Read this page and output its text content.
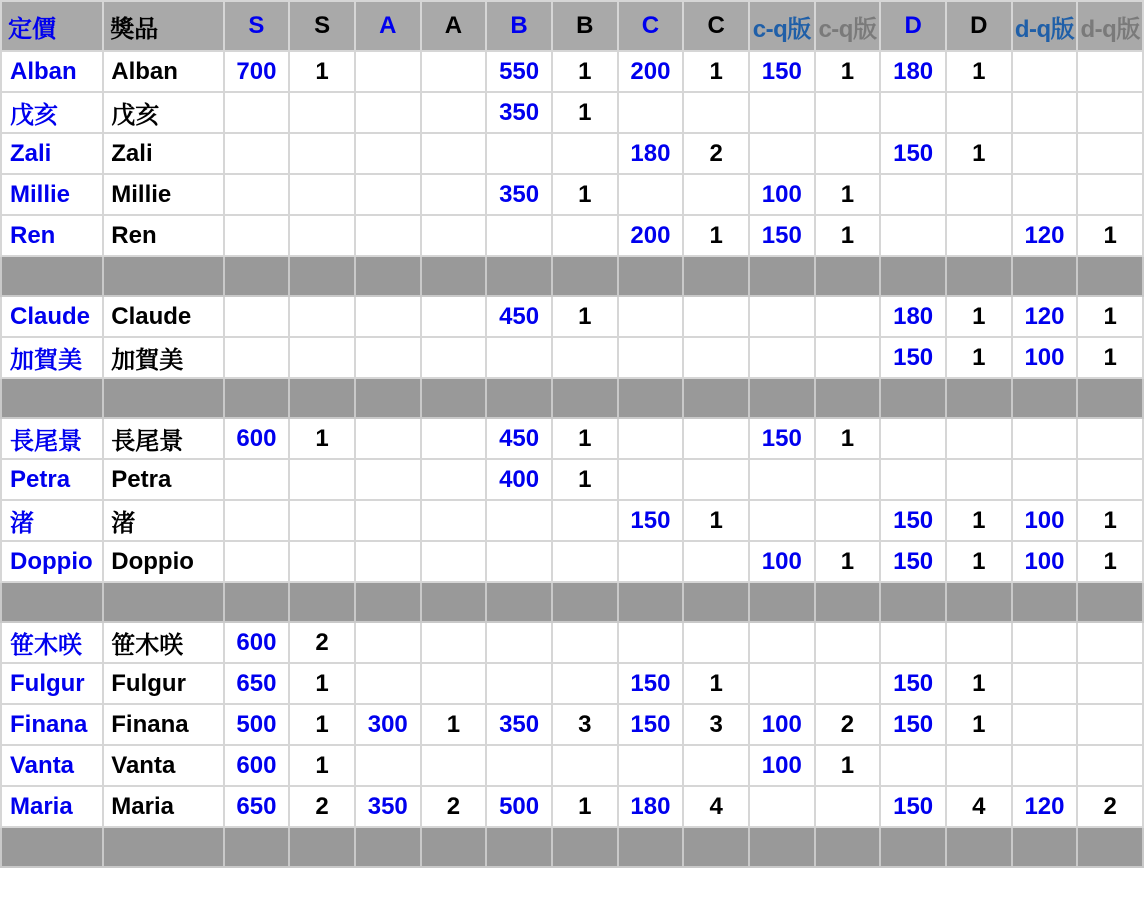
定價	獎品	S	S	A	A	B	B	C	C	c-q版	c-q版	D	D	d-q版	d-q版
Alban	Alban	700	1			550	1	200	1	150	1	180	1		
戊亥	戊亥					350	1								
Zali	Zali							180	2			150	1		
Millie	Millie					350	1			100	1				
Ren	Ren							200	1	150	1			120	1

Claude	Claude					450	1					180	1	120	1
加賀美	加賀美											150	1	100	1

長尾景	長尾景	600	1			450	1			150	1				
Petra	Petra					400	1								
渚	渚							150	1			150	1	100	1
Doppio	Doppio									100	1	150	1	100	1

笹木咲	笹木咲	600	2												
Fulgur	Fulgur	650	1					150	1			150	1		
Finana	Finana	500	1	300	1	350	3	150	3	100	2	150	1		
Vanta	Vanta	600	1							100	1				
Maria	Maria	650	2	350	2	500	1	180	4			150	4	120	2
